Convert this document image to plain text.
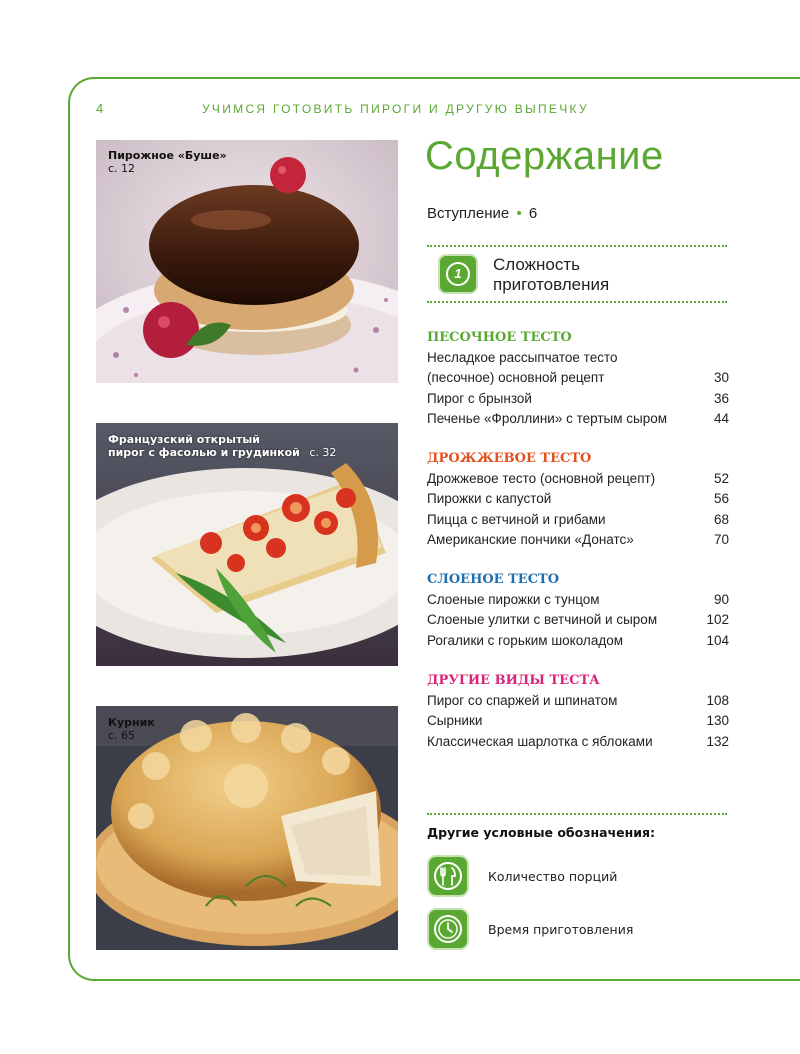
4	УЧИМСЯ ГОТОВИТЬ ПИРОГИ И ДРУГУЮ ВЫПЕЧКУ
Пирожное «Буше»
с. 12
Французский открытый
пирог с фасолью и грудинкой с. 32
Курник
с. 65
Содержание
Вступление • 6
1	Сложность
приготовления
ПЕСОЧНОЕ ТЕСТО
Несладкое рассыпчатое тесто
(песочное) основной рецепт	30
Пирог с брынзой	36
Печенье «Фроллини» с тертым сыром	44
ДРОЖЖЕВОЕ ТЕСТО
Дрожжевое тесто (основной рецепт)	52
Пирожки с капустой	56
Пицца с ветчиной и грибами	68
Американские пончики «Донатс»	70
СЛОЕНОЕ ТЕСТО
Слоеные пирожки с тунцом	90
Слоеные улитки с ветчиной и сыром	102
Рогалики с горьким шоколадом	104
ДРУГИЕ ВИДЫ ТЕСТА
Пирог со спаржей и шпинатом	108
Сырники	130
Классическая шарлотка с яблоками	132
Другие условные обозначения:
Количество порций
Время приготовления
